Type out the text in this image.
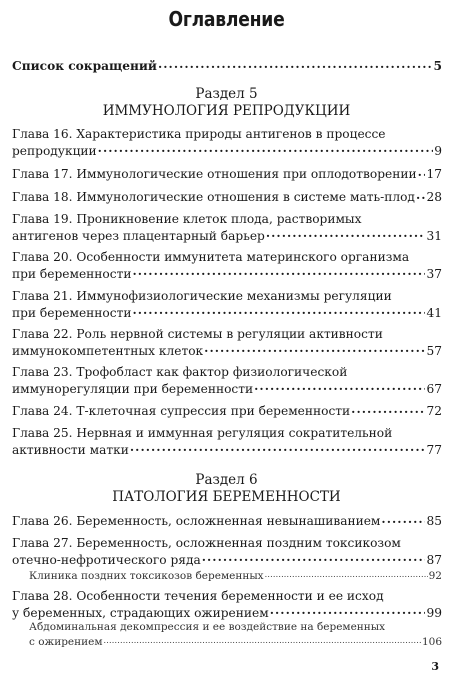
Оглавление
Список сокращений . . .	5
Раздел 5
ИММУНОЛОГИЯ РЕПРОДУКЦИИ
Глава 16. Характеристика природы антигенов в процессе
репродукции . . .	9
Глава 17. Иммунологические отношения при оплодотворении . . . 17
Глава 18. Иммунологические отношения в системе мать-плод . . . 28
Глава 19. Проникновение клеток плода, растворимых
антигенов через плацентарный барьер . . .	31
Глава 20. Особенности иммунитета материнского организма
при беременности . . .	37
Глава 21. Иммунофизиологические механизмы регуляции
при беременности . . .	41
Глава 22. Роль нервной системы в регуляции активности
иммунокомпетентных клеток . . .	57
Глава 23. Трофобласт как фактор физиологической
иммунорегуляции при беременности . . .	67
Глава 24. Т-клеточная супрессия при беременности . . .	72
Глава 25. Нервная и иммунная регуляция сократительной
активности матки . . .	77
Раздел 6
ПАТОЛОГИЯ БЕРЕМЕННОСТИ
Глава 26. Беременность, осложненная невынашиванием . . .	85
Глава 27. Беременность, осложненная поздним токсикозом
отечно-нефротического ряда . . .	87
Клиника поздних токсикозов беременных .....	92
Глава 28. Особенности течения беременности и ее исход
у беременных, страдающих ожирением . . .	99
Абдоминальная декомпрессия и ее воздействие на беременных
с ожирением .....	106
3
